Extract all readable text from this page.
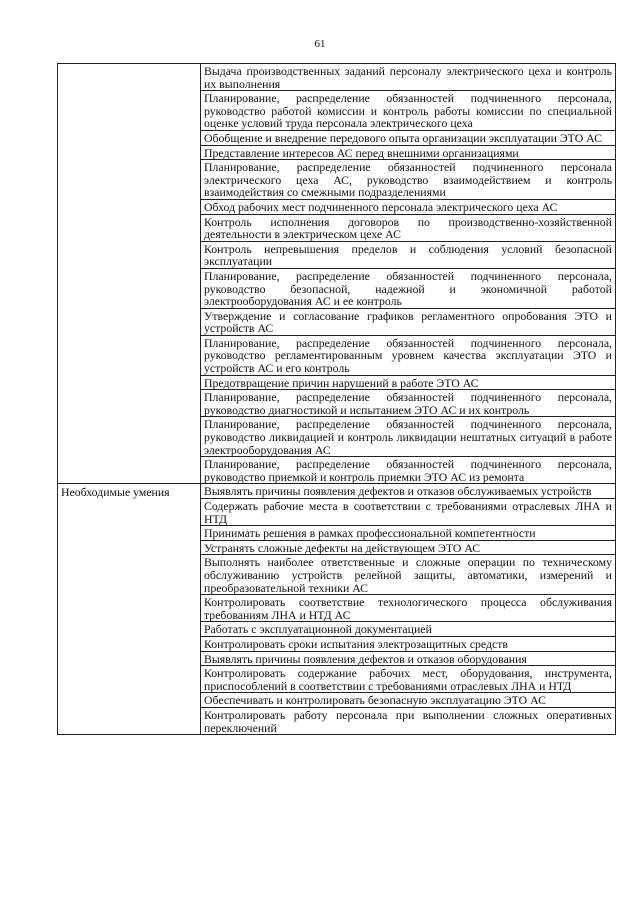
61
	Выдача производственных заданий персоналу электрического цеха и контроль их выполнения
	Планирование, распределение обязанностей подчиненного персонала, руководство работой комиссии и контроль работы комиссии по специальной оценке условий труда персонала электрического цеха
	Обобщение и внедрение передового опыта организации эксплуатации ЭТО АС
	Представление интересов АС перед внешними организациями
	Планирование, распределение обязанностей подчиненного персонала электрического цеха АС, руководство взаимодействием и контроль взаимодействия со смежными подразделениями
	Обход рабочих мест подчиненного персонала электрического цеха АС
	Контроль исполнения договоров по производственно-хозяйственной деятельности в электрическом цехе АС
	Контроль непревышения пределов и соблюдения условий безопасной эксплуатации
	Планирование, распределение обязанностей подчиненного персонала, руководство безопасной, надежной и экономичной работой электрооборудования АС и ее контроль
	Утверждение и согласование графиков регламентного опробования ЭТО и устройств АС
	Планирование, распределение обязанностей подчиненного персонала, руководство регламентированным уровнем качества эксплуатации ЭТО и устройств АС и его контроль
	Предотвращение причин нарушений в работе ЭТО АС
	Планирование, распределение обязанностей подчиненного персонала, руководство диагностикой и испытанием ЭТО АС и их контроль
	Планирование, распределение обязанностей подчиненного персонала, руководство ликвидацией и контроль ликвидации нештатных ситуаций в работе электрооборудования АС
	Планирование, распределение обязанностей подчиненного персонала, руководство приемкой и контроль приемки ЭТО АС из ремонта

Необходимые умения	Выявлять причины появления дефектов и отказов обслуживаемых устройств
	Содержать рабочие места в соответствии с требованиями отраслевых ЛНА и НТД
	Принимать решения в рамках профессиональной компетентности
	Устранять сложные дефекты на действующем ЭТО АС
	Выполнять наиболее ответственные и сложные операции по техническому обслуживанию устройств релейной защиты, автоматики, измерений и преобразовательной техники АС
	Контролировать соответствие технологического процесса обслуживания требованиям ЛНА и НТД АС
	Работать с эксплуатационной документацией
	Контролировать сроки испытания электрозащитных средств
	Выявлять причины появления дефектов и отказов оборудования
	Контролировать содержание рабочих мест, оборудования, инструмента, приспособлений в соответствии с требованиями отраслевых ЛНА и НТД
	Обеспечивать и контролировать безопасную эксплуатацию ЭТО АС
	Контролировать работу персонала при выполнении сложных оперативных переключений
